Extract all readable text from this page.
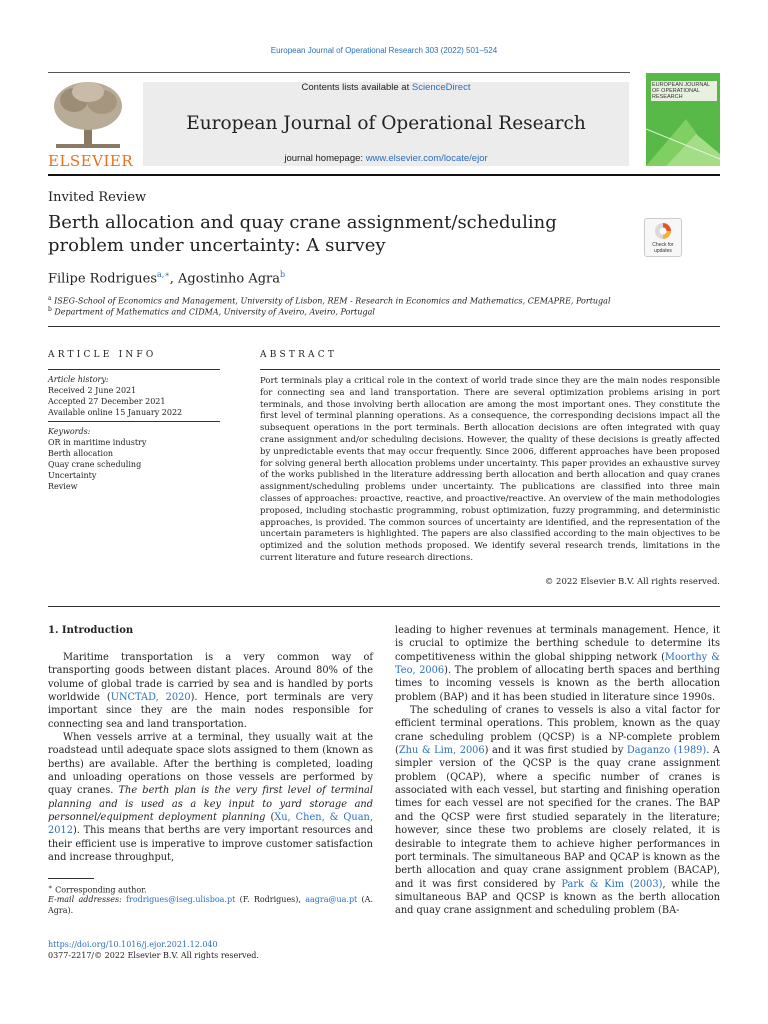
European Journal of Operational Research 303 (2022) 501–524
ELSEVIER
Contents lists available at ScienceDirect
European Journal of Operational Research
journal homepage: www.elsevier.com/locate/ejor
EUROPEAN JOURNAL OF OPERATIONAL RESEARCH
Invited Review
Berth allocation and quay crane assignment/scheduling problem under uncertainty: A survey	Check for updates
Filipe Rodrigues$^{a,∗}$, Agostinho Agra$^b$
$^a$ ISEG-School of Economics and Management, University of Lisbon, REM - Research in Economics and Mathematics, CEMAPRE, Portugal
$^b$ Department of Mathematics and CIDMA, University of Aveiro, Aveiro, Portugal
ARTICLE INFO
Article history:
Received 2 June 2021
Accepted 27 December 2021
Available online 15 January 2022
Keywords:
OR in maritime industry
Berth allocation
Quay crane scheduling
Uncertainty
Review
ABSTRACT
Port terminals play a critical role in the context of world trade since they are the main nodes responsible for connecting sea and land transportation. There are several optimization problems arising in port terminals, and those involving berth allocation are among the most important ones. They constitute the first level of terminal planning operations. As a consequence, the corresponding decisions impact all the subsequent operations in the port terminals. Berth allocation decisions are often integrated with quay crane assignment and/or scheduling decisions. However, the quality of these decisions is greatly affected by unpredictable events that may occur frequently. Since 2006, different approaches have been proposed for solving general berth allocation problems under uncertainty. This paper provides an exhaustive survey of the works published in the literature addressing berth allocation and berth allocation and quay cranes assignment/scheduling problems under uncertainty. The publications are classified into three main classes of approaches: proactive, reactive, and proactive/reactive. An overview of the main methodologies proposed, including stochastic programming, robust optimization, fuzzy programming, and deterministic approaches, is provided. The common sources of uncertainty are identified, and the representation of the uncertain parameters is highlighted. The papers are also classified according to the main objectives to be optimized and the solution methods proposed. We identify several research trends, limitations in the current literature and future research directions.
© 2022 Elsevier B.V. All rights reserved.
1. Introduction

Maritime transportation is a very common way of transporting goods between distant places. Around 80% of the volume of global trade is carried by sea and is handled by ports worldwide (UNCTAD, 2020). Hence, port terminals are very important since they are the main nodes responsible for connecting sea and land transportation.

When vessels arrive at a terminal, they usually wait at the roadstead until adequate space slots assigned to them (known as berths) are available. After the berthing is completed, loading and unloading operations on those vessels are performed by quay cranes. The berth plan is the very first level of terminal planning and is used as a key input to yard storage and personnel/equipment deployment planning (Xu, Chen, & Quan, 2012). This means that berths are very important resources and their efficient use is imperative to improve customer satisfaction and increase throughput,

leading to higher revenues at terminals management. Hence, it is crucial to optimize the berthing schedule to determine its competitiveness within the global shipping network (Moorthy & Teo, 2006). The problem of allocating berth spaces and berthing times to incoming vessels is known as the berth allocation problem (BAP) and it has been studied in literature since 1990s.

The scheduling of cranes to vessels is also a vital factor for efficient terminal operations. This problem, known as the quay crane scheduling problem (QCSP) is a NP-complete problem (Zhu & Lim, 2006) and it was first studied by Daganzo (1989). A simpler version of the QCSP is the quay crane assignment problem (QCAP), where a specific number of cranes is associated with each vessel, but starting and finishing operation times for each vessel are not specified for the cranes. The BAP and the QCSP were first studied separately in the literature; however, since these two problems are closely related, it is desirable to integrate them to achieve higher performances in port terminals. The simultaneous BAP and QCAP is known as the berth allocation and quay crane assignment problem (BACAP), and it was first considered by Park & Kim (2003), while the simultaneous BAP and QCSP is known as the berth allocation and quay crane assignment and scheduling problem (BA-

∗ Corresponding author.
E-mail addresses: frodrigues@iseg.ulisboa.pt (F. Rodrigues), aagra@ua.pt (A. Agra).
https://doi.org/10.1016/j.ejor.2021.12.040
0377-2217/© 2022 Elsevier B.V. All rights reserved.
